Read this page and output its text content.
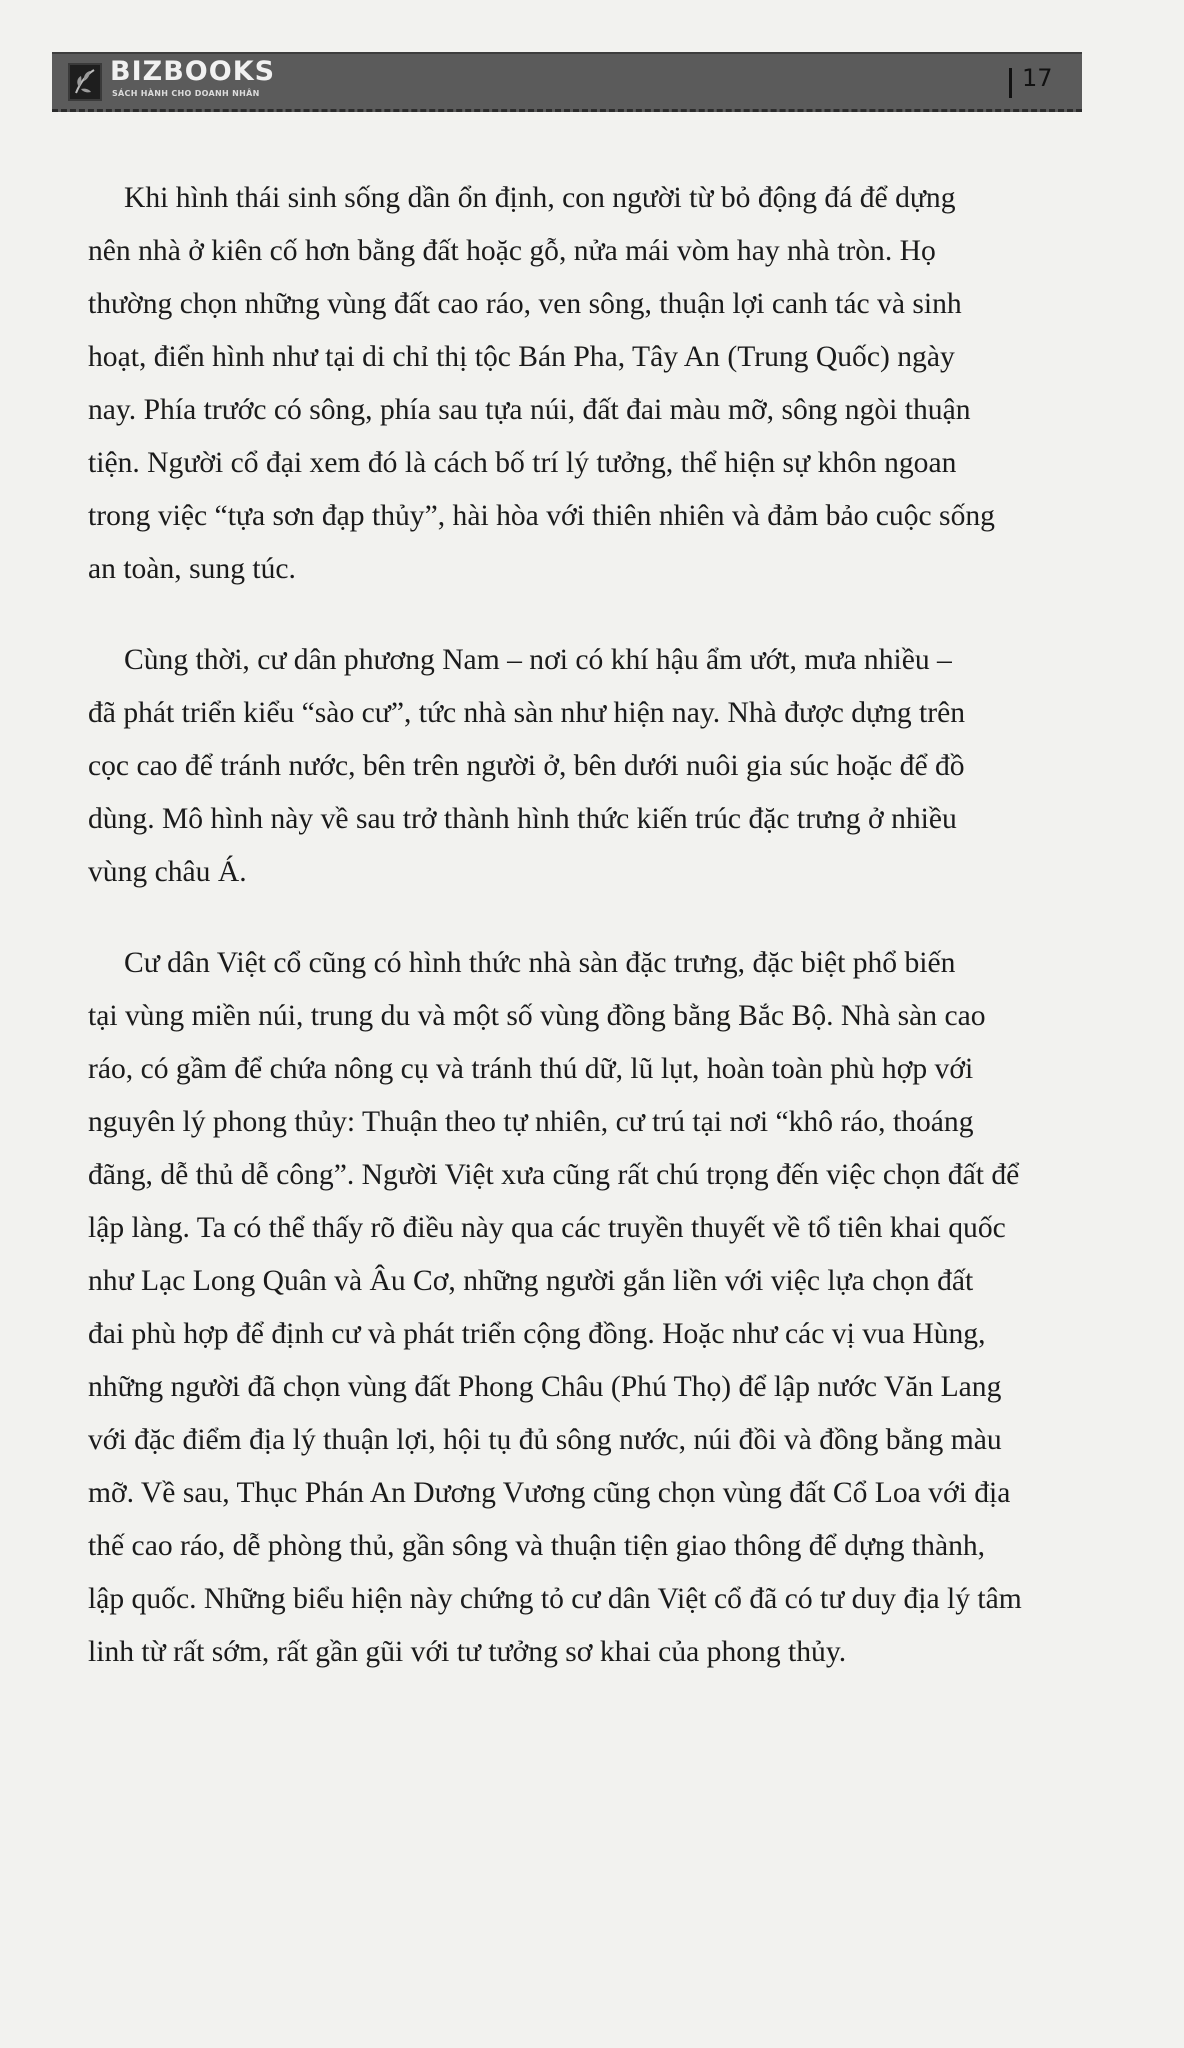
BIZBOOKS
SÁCH HÀNH CHO DOANH NHÂN
17

Khi hình thái sinh sống dần ổn định, con người từ bỏ động đá để dựng
nên nhà ở kiên cố hơn bằng đất hoặc gỗ, nửa mái vòm hay nhà tròn. Họ
thường chọn những vùng đất cao ráo, ven sông, thuận lợi canh tác và sinh
hoạt, điển hình như tại di chỉ thị tộc Bán Pha, Tây An (Trung Quốc) ngày
nay. Phía trước có sông, phía sau tựa núi, đất đai màu mỡ, sông ngòi thuận
tiện. Người cổ đại xem đó là cách bố trí lý tưởng, thể hiện sự khôn ngoan
trong việc “tựa sơn đạp thủy”, hài hòa với thiên nhiên và đảm bảo cuộc sống
an toàn, sung túc.

Cùng thời, cư dân phương Nam – nơi có khí hậu ẩm ướt, mưa nhiều –
đã phát triển kiểu “sào cư”, tức nhà sàn như hiện nay. Nhà được dựng trên
cọc cao để tránh nước, bên trên người ở, bên dưới nuôi gia súc hoặc để đồ
dùng. Mô hình này về sau trở thành hình thức kiến trúc đặc trưng ở nhiều
vùng châu Á.

Cư dân Việt cổ cũng có hình thức nhà sàn đặc trưng, đặc biệt phổ biến
tại vùng miền núi, trung du và một số vùng đồng bằng Bắc Bộ. Nhà sàn cao
ráo, có gầm để chứa nông cụ và tránh thú dữ, lũ lụt, hoàn toàn phù hợp với
nguyên lý phong thủy: Thuận theo tự nhiên, cư trú tại nơi “khô ráo, thoáng
đãng, dễ thủ dễ công”. Người Việt xưa cũng rất chú trọng đến việc chọn đất để
lập làng. Ta có thể thấy rõ điều này qua các truyền thuyết về tổ tiên khai quốc
như Lạc Long Quân và Âu Cơ, những người gắn liền với việc lựa chọn đất
đai phù hợp để định cư và phát triển cộng đồng. Hoặc như các vị vua Hùng,
những người đã chọn vùng đất Phong Châu (Phú Thọ) để lập nước Văn Lang
với đặc điểm địa lý thuận lợi, hội tụ đủ sông nước, núi đồi và đồng bằng màu
mỡ. Về sau, Thục Phán An Dương Vương cũng chọn vùng đất Cổ Loa với địa
thế cao ráo, dễ phòng thủ, gần sông và thuận tiện giao thông để dựng thành,
lập quốc. Những biểu hiện này chứng tỏ cư dân Việt cổ đã có tư duy địa lý tâm
linh từ rất sớm, rất gần gũi với tư tưởng sơ khai của phong thủy.
